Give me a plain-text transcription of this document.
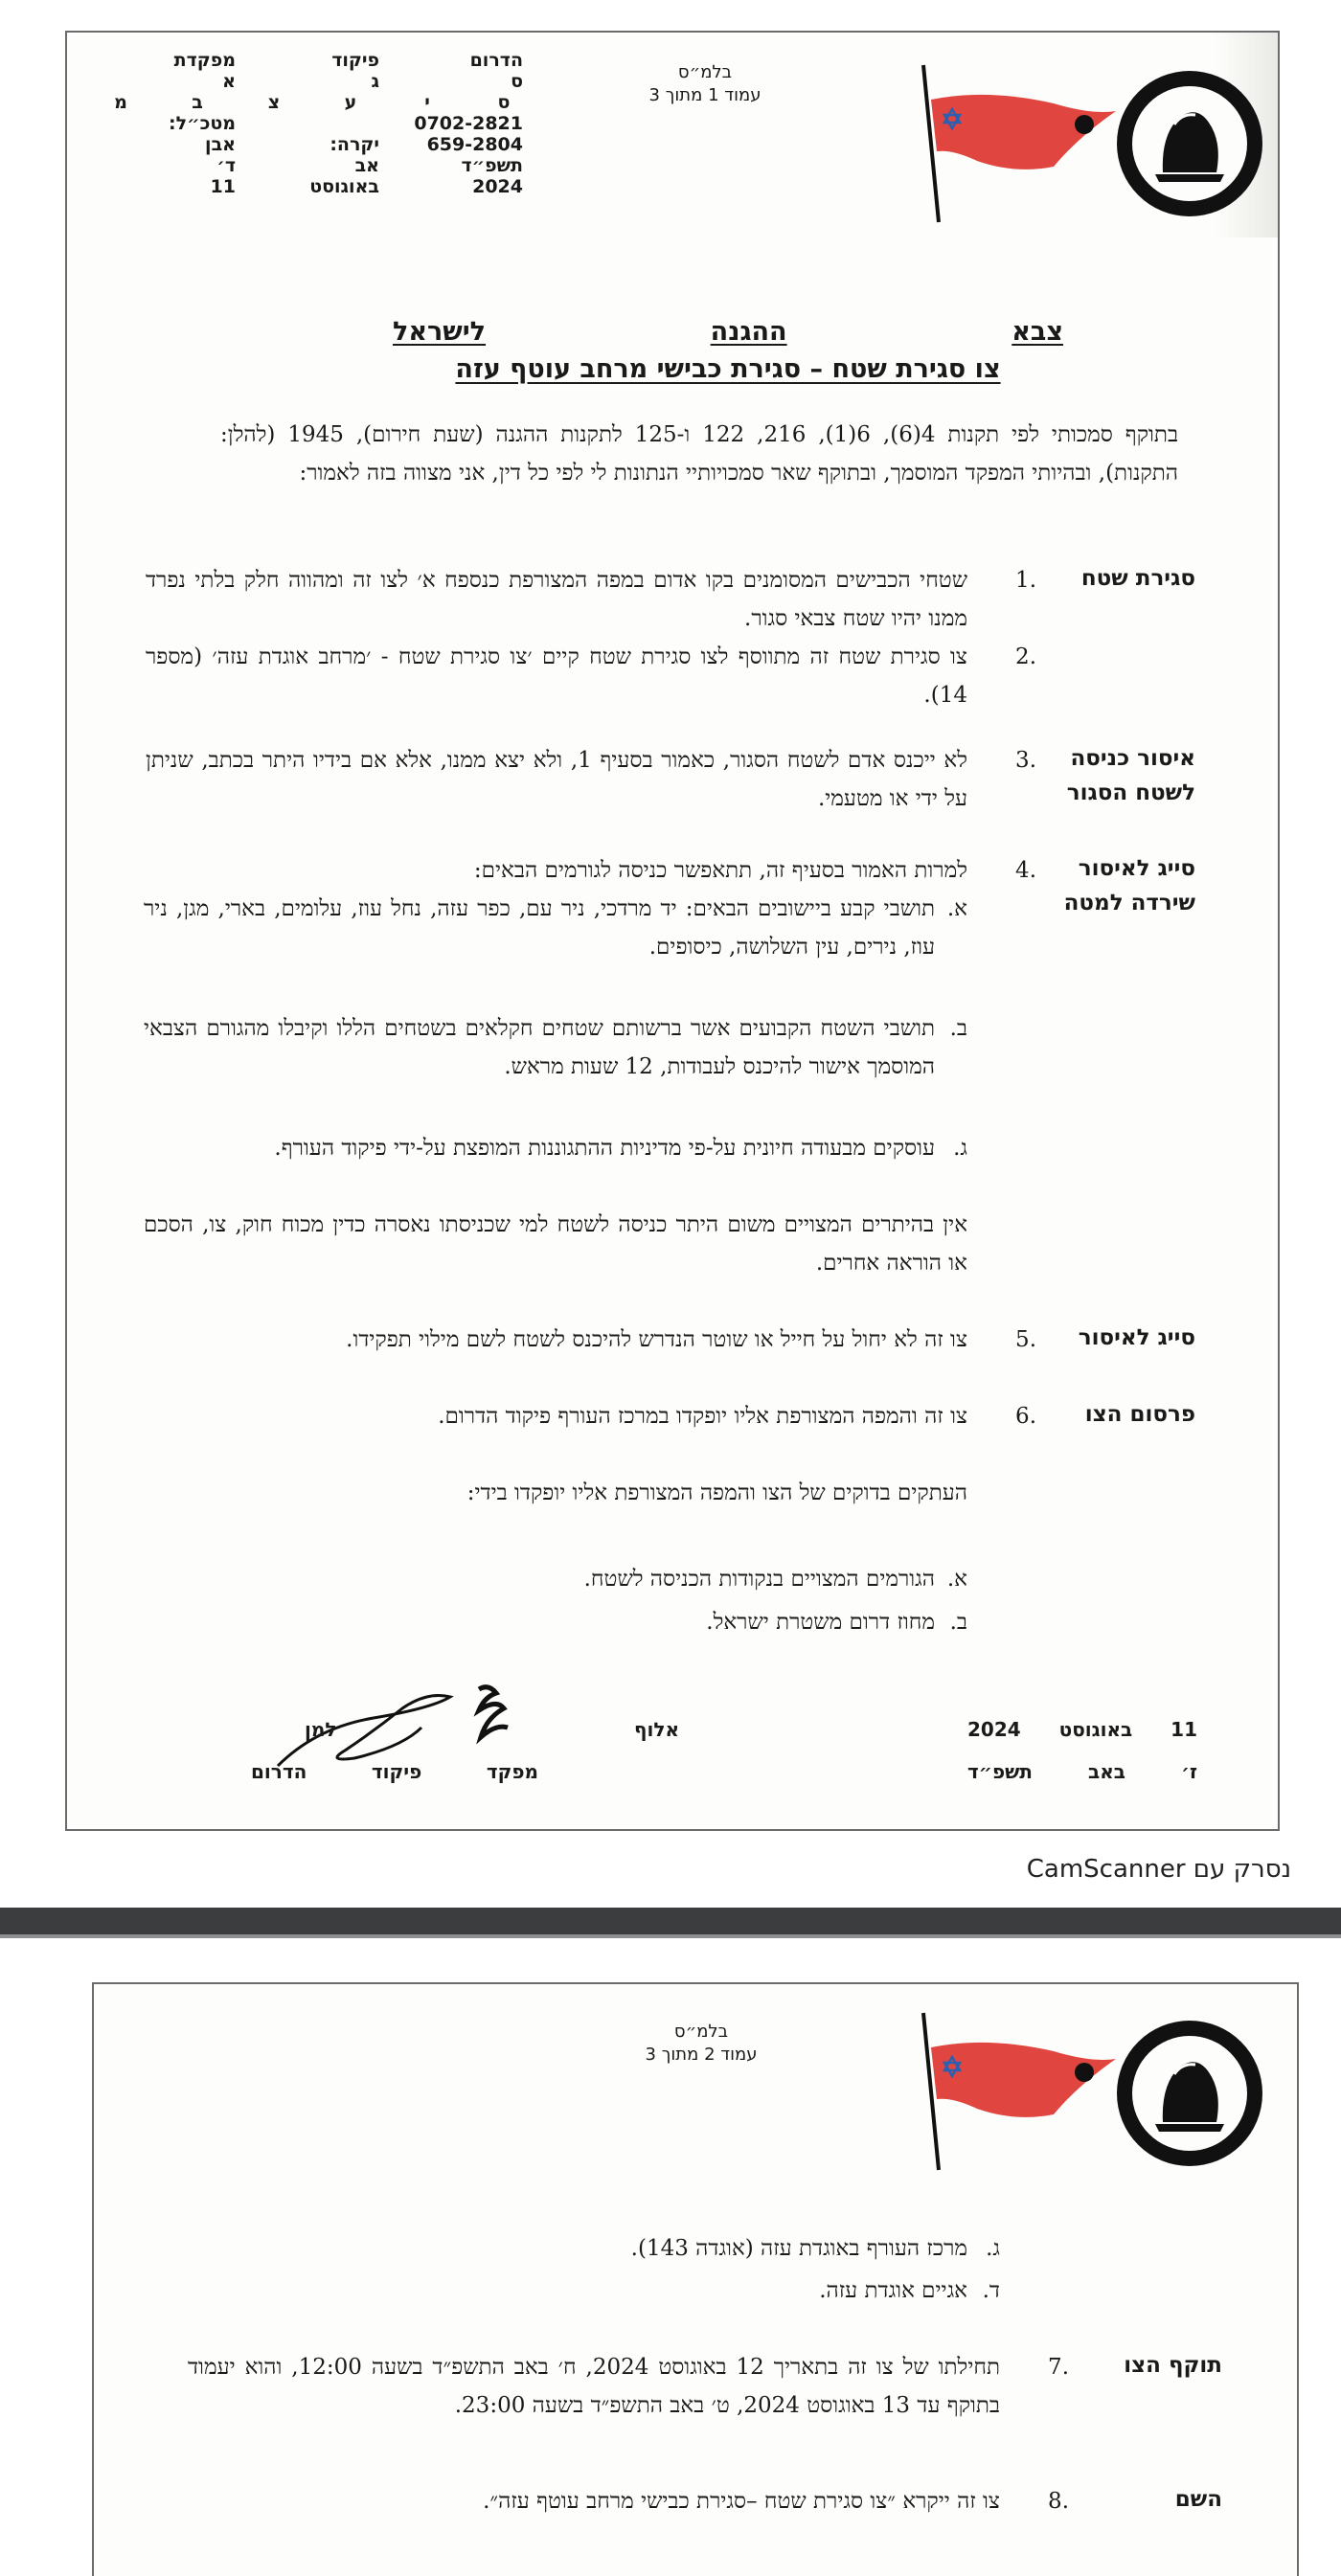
הדרום
פיקוד
מפקדת
ס
ג
א
ס
י
ע
צ
ב
מ
0702-2821
מטכ״ל:
659-2804
יקרה:
אבן
תשפ״ד
אב
ד׳
2024
באוגוסט
11
בלמ״ס
עמוד 1 מתוך 3
צבא
ההגנה
לישראל
צו סגירת שטח – סגירת כבישי מרחב עוטף עזה
בתוקף סמכותי לפי תקנות 4(6), 6(1), 216, 122 ו-125 לתקנות ההגנה (שעת חירום), 1945 (להלן: התקנות), ובהיותי המפקד המוסמך, ובתוקף שאר סמכויותיי הנתונות לי לפי כל דין, אני מצווה בזה לאמור:
סגירת שטח
.1
שטחי הכבישים המסומנים בקו אדום במפה המצורפת כנספח א׳ לצו זה ומהווה חלק בלתי נפרד ממנו יהיו שטח צבאי סגור.
.2
צו סגירת שטח זה מתווסף לצו סגירת שטח קיים ׳צו סגירת שטח - ׳מרחב אוגדת עזה׳ (מספר 14).
איסור כניסה לשטח הסגור
.3
לא ייכנס אדם לשטח הסגור, כאמור בסעיף 1, ולא יצא ממנו, אלא אם בידיו היתר בכתב, שניתן על ידי או מטעמי.
סייג לאיסור שירדה למטה
.4
למרות האמור בסעיף זה, תתאפשר כניסה לגורמים הבאים:
א.
תושבי קבע ביישובים הבאים: יד מרדכי, ניר עם, כפר עזה, נחל עוז, עלומים, בארי, מגן, ניר עוז, נירים, עין השלושה, כיסופים.
ב.
תושבי השטח הקבועים אשר ברשותם שטחים חקלאים בשטחים הללו וקיבלו מהגורם הצבאי המוסמך אישור להיכנס לעבודות, 12 שעות מראש.
ג.
עוסקים מבעודה חיונית על-פי מדיניות ההתגוננות המופצת על-ידי פיקוד העורף.
אין בהיתרים המצויים משום היתר כניסה לשטח למי שכניסתו נאסרה כדין מכוח חוק, צו, הסכם או הוראה אחרים.
סייג לאיסור
.5
צו זה לא יחול על חייל או שוטר הנדרש להיכנס לשטח לשם מילוי תפקידו.
פרסום הצו
.6
צו זה והמפה המצורפת אליו יופקדו במרכז העורף פיקוד הדרום.
העתקים בדוקים של הצו והמפה המצורפת אליו יופקדו בידי:
א.
הגורמים המצויים בנקודות הכניסה לשטח.
ב.
מחוז דרום משטרת ישראל.
למן	אלוף
מפקד
פיקוד
הדרום
11
באוגוסט
2024
ז׳
באב
תשפ״ד
נסרק עם CamScanner
בלמ״ס
עמוד 2 מתוך 3
ג.
מרכז העורף באוגדת עזה (אוגדה 143).
ד.
אגיים אוגדת עזה.
תוקף הצו
.7
תחילתו של צו זה בתאריך 12 באוגוסט 2024, ח׳ באב התשפ״ד בשעה 12:00, והוא יעמוד בתוקף עד 13 באוגוסט 2024, ט׳ באב התשפ״ד בשעה 23:00.
השם
.8
צו זה ייקרא ״צו סגירת שטח –סגירת כבישי מרחב עוטף עזה״.
